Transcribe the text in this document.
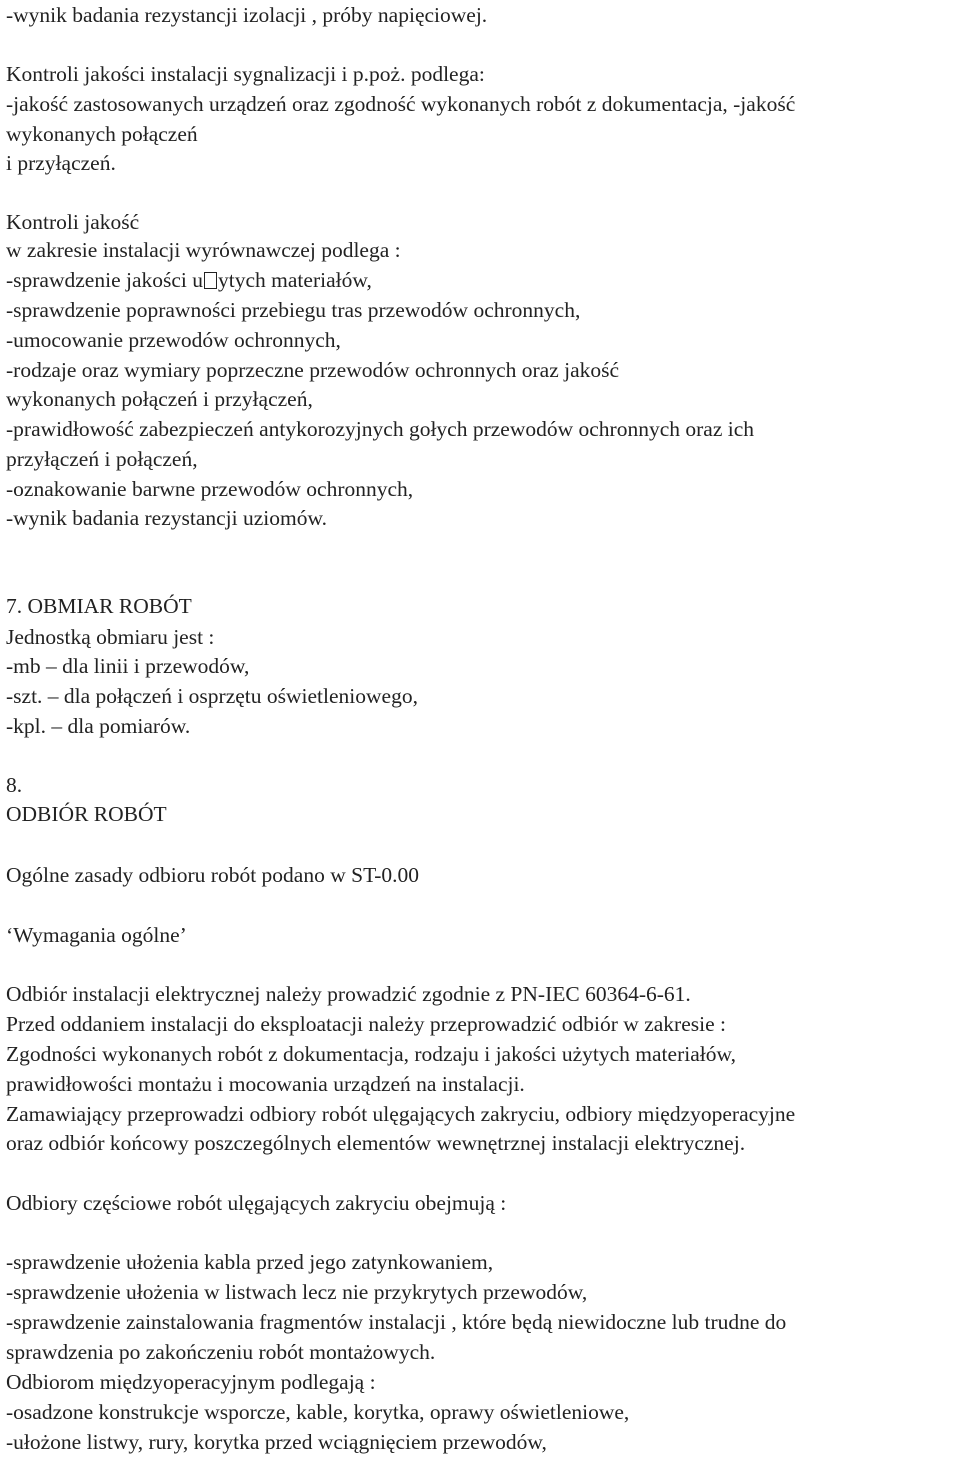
-wynik badania rezystancji izolacji , próby napięciowej.
Kontroli jakości instalacji sygnalizacji i p.poż. podlega:
-jakość zastosowanych urządzeń oraz zgodność wykonanych robót z dokumentacja, -jakość
wykonanych połączeń
i przyłączeń.
Kontroli jakość
w zakresie instalacji wyrównawczej podlega :
-sprawdzenie jakości u ytych materiałów,
-sprawdzenie poprawności przebiegu tras przewodów ochronnych,
-umocowanie przewodów ochronnych,
-rodzaje oraz wymiary poprzeczne przewodów ochronnych oraz jakość
wykonanych połączeń i przyłączeń,
-prawidłowość zabezpieczeń antykorozyjnych gołych przewodów ochronnych oraz ich
przyłączeń i połączeń,
-oznakowanie barwne przewodów ochronnych,
-wynik badania rezystancji uziomów.
7. OBMIAR ROBÓT
Jednostką obmiaru jest :
-mb – dla linii i przewodów,
-szt. – dla połączeń i osprzętu oświetleniowego,
-kpl. – dla pomiarów.
8.
ODBIÓR ROBÓT
Ogólne zasady odbioru robót podano w ST-0.00
‘Wymagania ogólne’
Odbiór instalacji elektrycznej należy prowadzić zgodnie z PN-IEC 60364-6-61.
Przed oddaniem instalacji do eksploatacji należy przeprowadzić odbiór w zakresie :
Zgodności wykonanych robót z dokumentacja, rodzaju i jakości użytych materiałów,
prawidłowości montażu i mocowania urządzeń na instalacji.
Zamawiający przeprowadzi odbiory robót ulęgających zakryciu, odbiory międzyoperacyjne
oraz odbiór końcowy poszczególnych elementów wewnętrznej instalacji elektrycznej.
Odbiory częściowe robót ulęgających zakryciu obejmują :
-sprawdzenie ułożenia kabla przed jego zatynkowaniem,
-sprawdzenie ułożenia w listwach lecz nie przykrytych przewodów,
-sprawdzenie zainstalowania fragmentów instalacji , które będą niewidoczne lub trudne do
sprawdzenia po zakończeniu robót montażowych.
Odbiorom międzyoperacyjnym podlegają :
-osadzone konstrukcje wsporcze, kable, korytka, oprawy oświetleniowe,
-ułożone listwy, rury, korytka przed wciągnięciem przewodów,
